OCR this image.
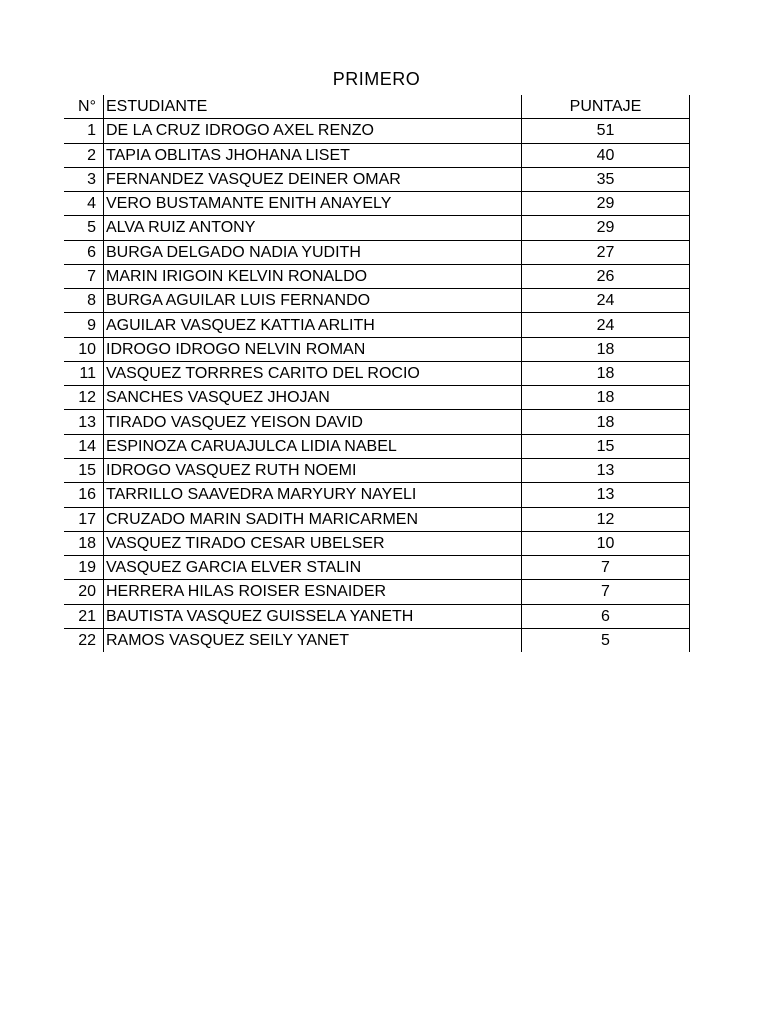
PRIMERO
N°	ESTUDIANTE	PUNTAJE
1	DE LA CRUZ IDROGO AXEL RENZO	51
2	TAPIA OBLITAS JHOHANA LISET	40
3	FERNANDEZ VASQUEZ DEINER OMAR	35
4	VERO BUSTAMANTE ENITH ANAYELY	29
5	ALVA RUIZ ANTONY	29
6	BURGA DELGADO NADIA YUDITH	27
7	MARIN IRIGOIN KELVIN RONALDO	26
8	BURGA AGUILAR LUIS FERNANDO	24
9	AGUILAR VASQUEZ KATTIA ARLITH	24
10	IDROGO IDROGO NELVIN ROMAN	18
11	VASQUEZ TORRRES CARITO DEL ROCIO	18
12	SANCHES VASQUEZ JHOJAN	18
13	TIRADO VASQUEZ YEISON DAVID	18
14	ESPINOZA CARUAJULCA LIDIA NABEL	15
15	IDROGO VASQUEZ RUTH NOEMI	13
16	TARRILLO SAAVEDRA MARYURY NAYELI	13
17	CRUZADO MARIN SADITH MARICARMEN	12
18	VASQUEZ TIRADO CESAR UBELSER	10
19	VASQUEZ GARCIA ELVER STALIN	7
20	HERRERA HILAS ROISER ESNAIDER	7
21	BAUTISTA VASQUEZ GUISSELA YANETH	6
22	RAMOS VASQUEZ SEILY YANET	5
